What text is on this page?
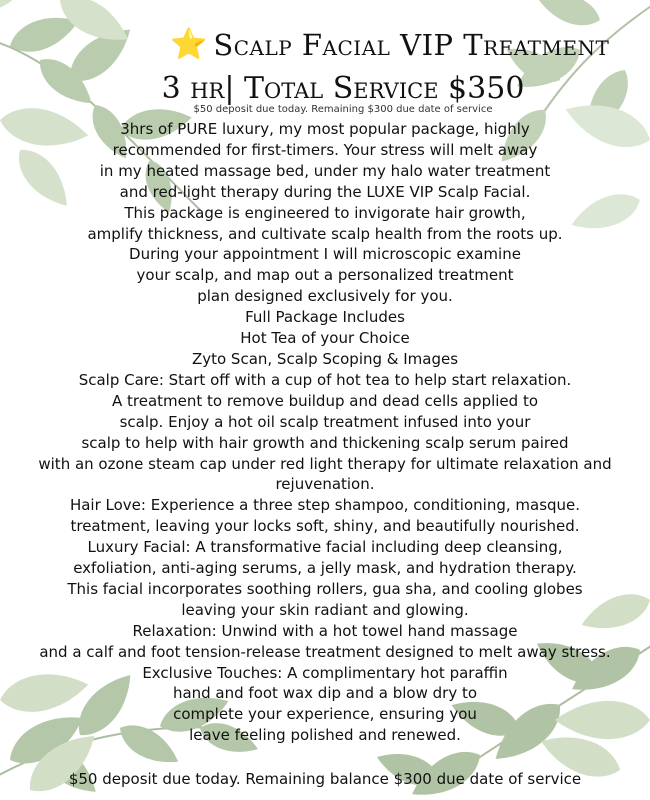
⭐ Scalp Facial VIP Treatment
3 hr| Total Service $350
$50 deposit due today. Remaining $300 due date of service
3hrs of PURE luxury, my most popular package, highly
recommended for first-timers. Your stress will melt away
in my heated massage bed, under my halo water treatment
and red-light therapy during the LUXE VIP Scalp Facial.
This package is engineered to invigorate hair growth,
amplify thickness, and cultivate scalp health from the roots up.
During your appointment I will microscopic examine
your scalp, and map out a personalized treatment
plan designed exclusively for you.
Full Package Includes
Hot Tea of your Choice
Zyto Scan, Scalp Scoping & Images
Scalp Care: Start off with a cup of hot tea to help start relaxation.
A treatment to remove buildup and dead cells applied to
scalp. Enjoy a hot oil scalp treatment infused into your
scalp to help with hair growth and thickening scalp serum paired
with an ozone steam cap under red light therapy for ultimate relaxation and
rejuvenation.
Hair Love: Experience a three step shampoo, conditioning, masque.
treatment, leaving your locks soft, shiny, and beautifully nourished.
Luxury Facial: A transformative facial including deep cleansing,
exfoliation, anti-aging serums, a jelly mask, and hydration therapy.
This facial incorporates soothing rollers, gua sha, and cooling globes
leaving your skin radiant and glowing.
Relaxation: Unwind with a hot towel hand massage
and a calf and foot tension-release treatment designed to melt away stress.
Exclusive Touches: A complimentary hot paraffin
hand and foot wax dip and a blow dry to
complete your experience, ensuring you
leave feeling polished and renewed.
$50 deposit due today. Remaining balance $300 due date of service
